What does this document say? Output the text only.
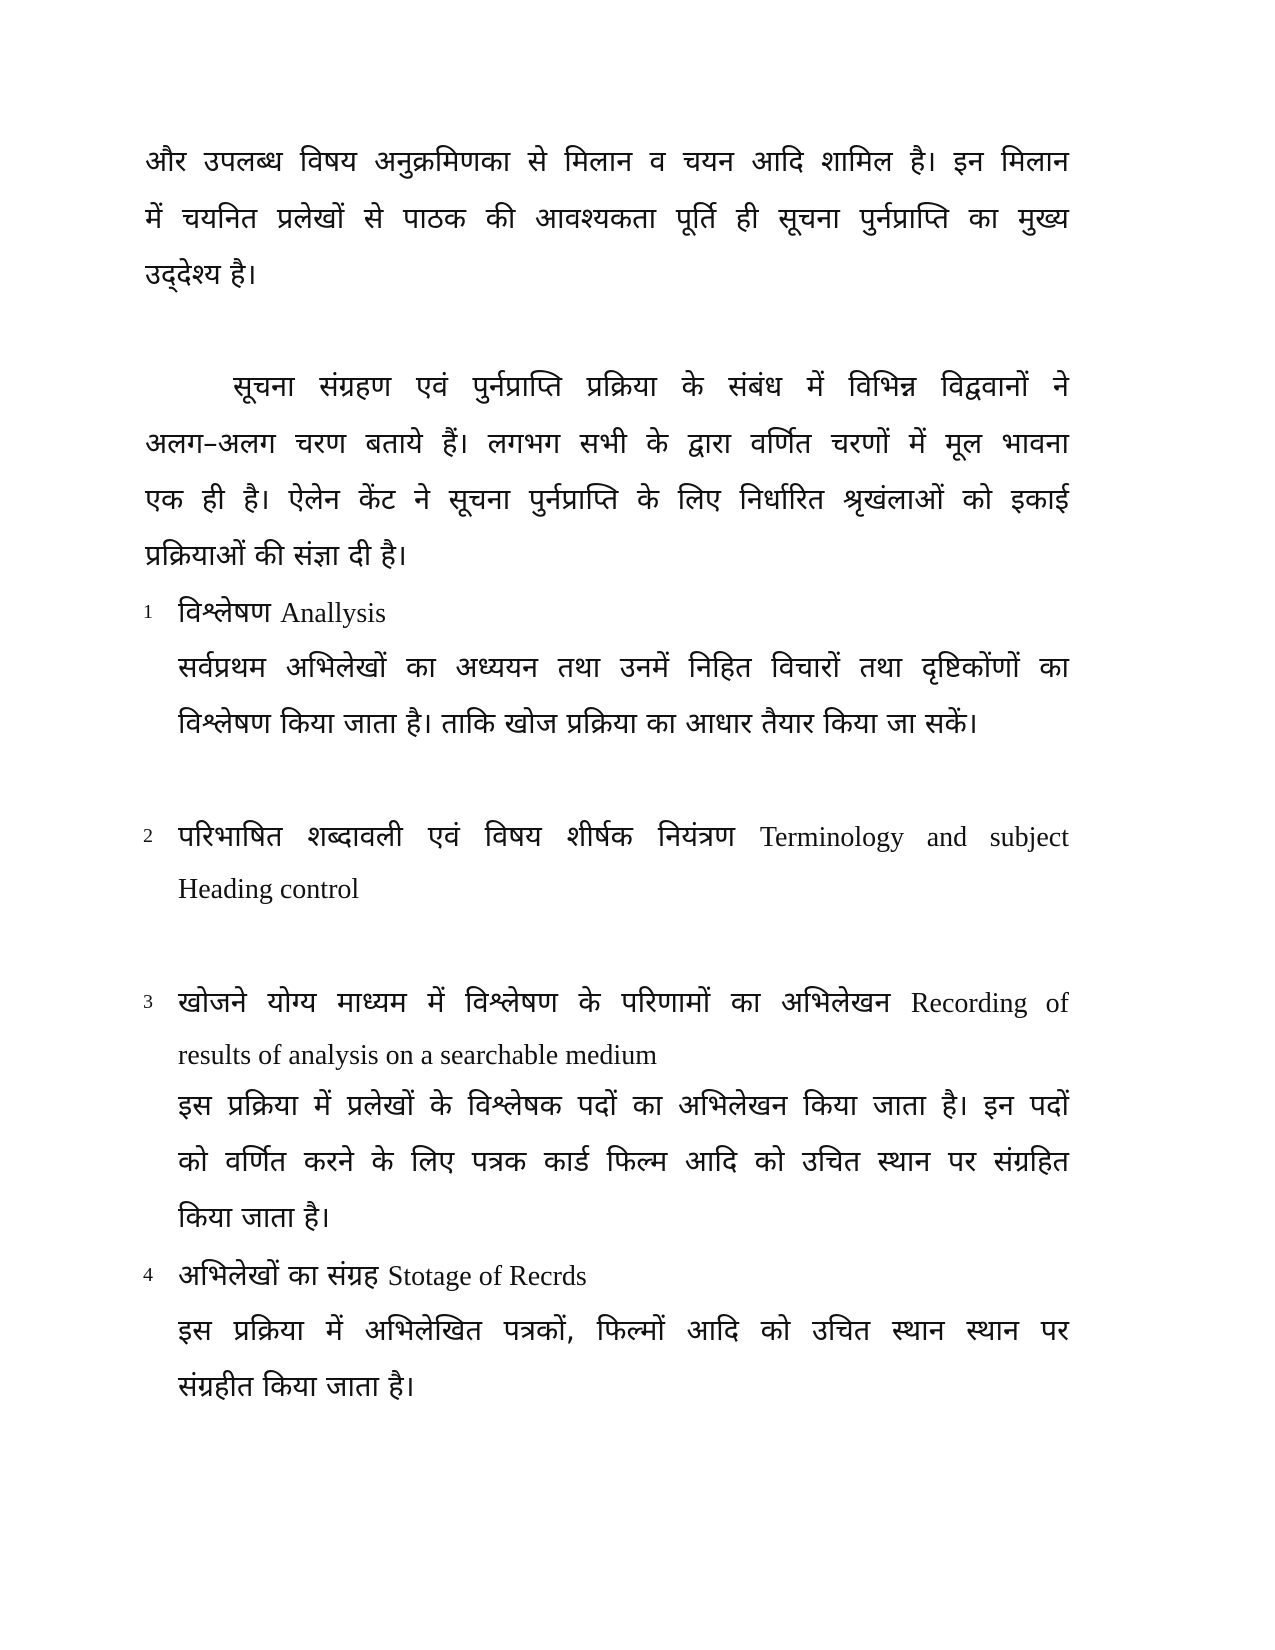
और उपलब्ध विषय अनुक्रमिणका से मिलान व चयन आदि शामिल है। इन मिलान
में चयनित प्रलेखों से पाठक की आवश्यकता पूर्ति ही सूचना पुर्नप्राप्ति का मुख्य
उद्‍देश्य है।
सूचना संग्रहण एवं पुर्नप्राप्ति प्रक्रिया के संबंध में विभिन्न विद्ववानों ने
अलग–अलग चरण बताये हैं। लगभग सभी के द्वारा वर्णित चरणों में मूल भावना
एक ही है। ऐलेन केंट ने सूचना पुर्नप्राप्ति के लिए निर्धारित श्रृखंलाओं को इकाई
प्रक्रियाओं की संज्ञा दी है।
1 विश्लेषण Anallysis
सर्वप्रथम अभिलेखों का अध्ययन तथा उनमें निहित विचारों तथा दृष्टिकोंणों का
विश्लेषण किया जाता है। ताकि खोज प्रक्रिया का आधार तैयार किया जा सकें।
2 परिभाषित शब्दावली एवं विषय शीर्षक नियंत्रण Terminology and subject
Heading control
3 खोजने योग्य माध्यम में विश्लेषण के परिणामों का अभिलेखन Recording of
results of analysis on a searchable medium
इस प्रक्रिया में प्रलेखों के विश्लेषक पदों का अभिलेखन किया जाता है। इन पदों
को वर्णित करने के लिए पत्रक कार्ड फिल्म आदि को उचित स्थान पर संग्रहित
किया जाता है।
4 अभिलेखों का संग्रह Stotage of Recrds
इस प्रक्रिया में अभिलेखित पत्रकों, फिल्मों आदि को उचित स्थान स्थान पर
संग्रहीत किया जाता है।
